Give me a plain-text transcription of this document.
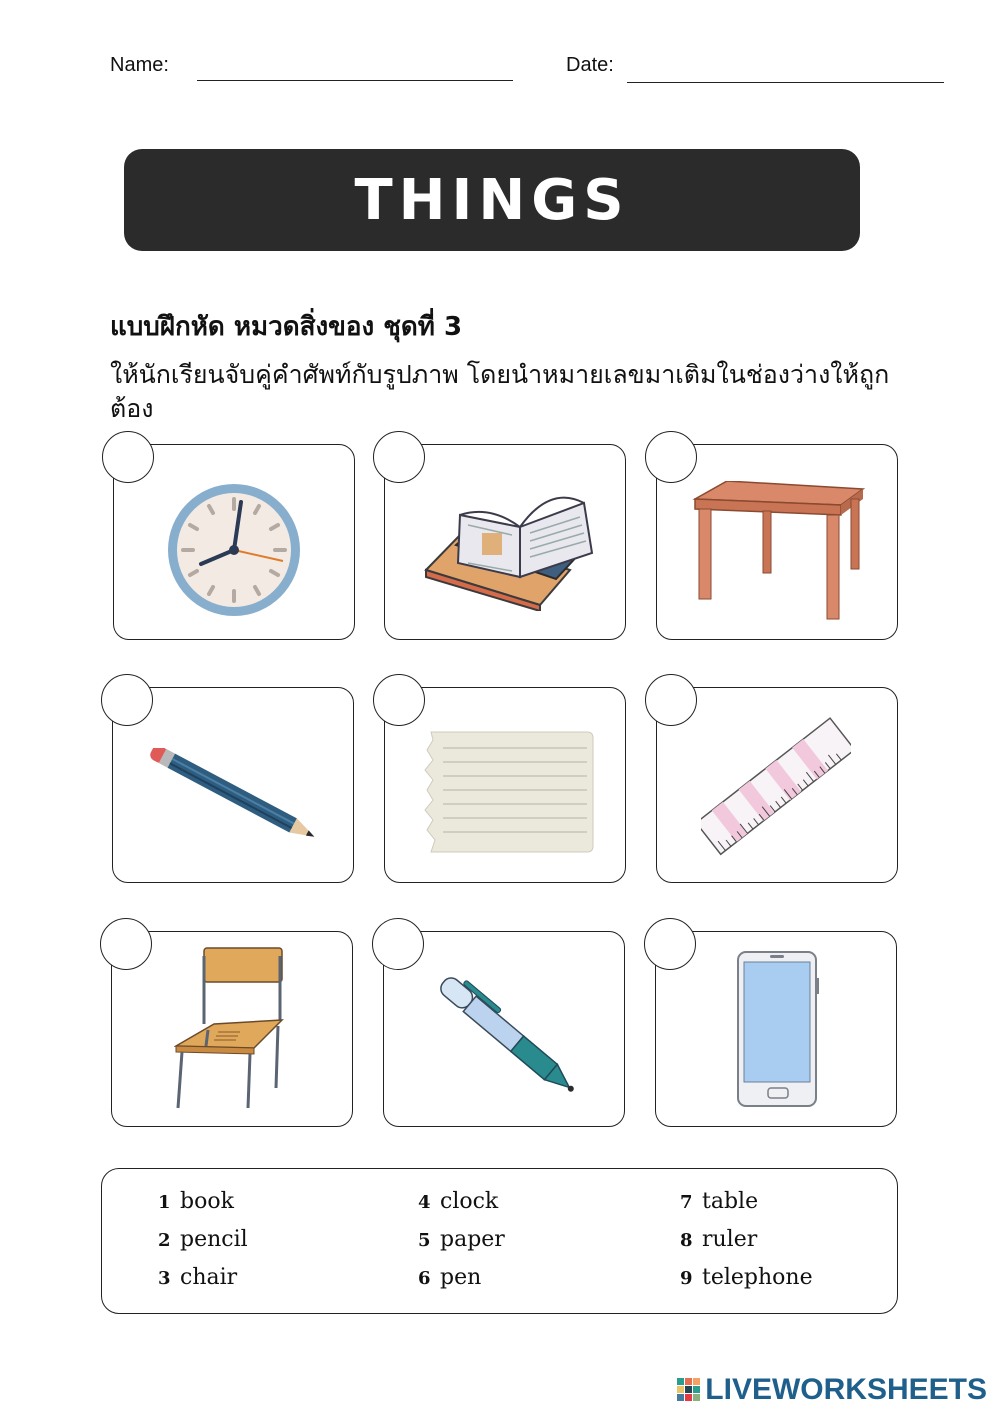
Name:	Date:
THINGS
แบบฝึกหัด หมวดสิ่งของ ชุดที่ 3
ให้นักเรียนจับคู่คำศัพท์กับรูปภาพ โดยนำหมายเลขมาเติมในช่องว่างให้ถูกต้อง
1 book
2 pencil
3 chair
4 clock
5 paper
6 pen
7 table
8 ruler
9 telephone
LIVEWORKSHEETS
